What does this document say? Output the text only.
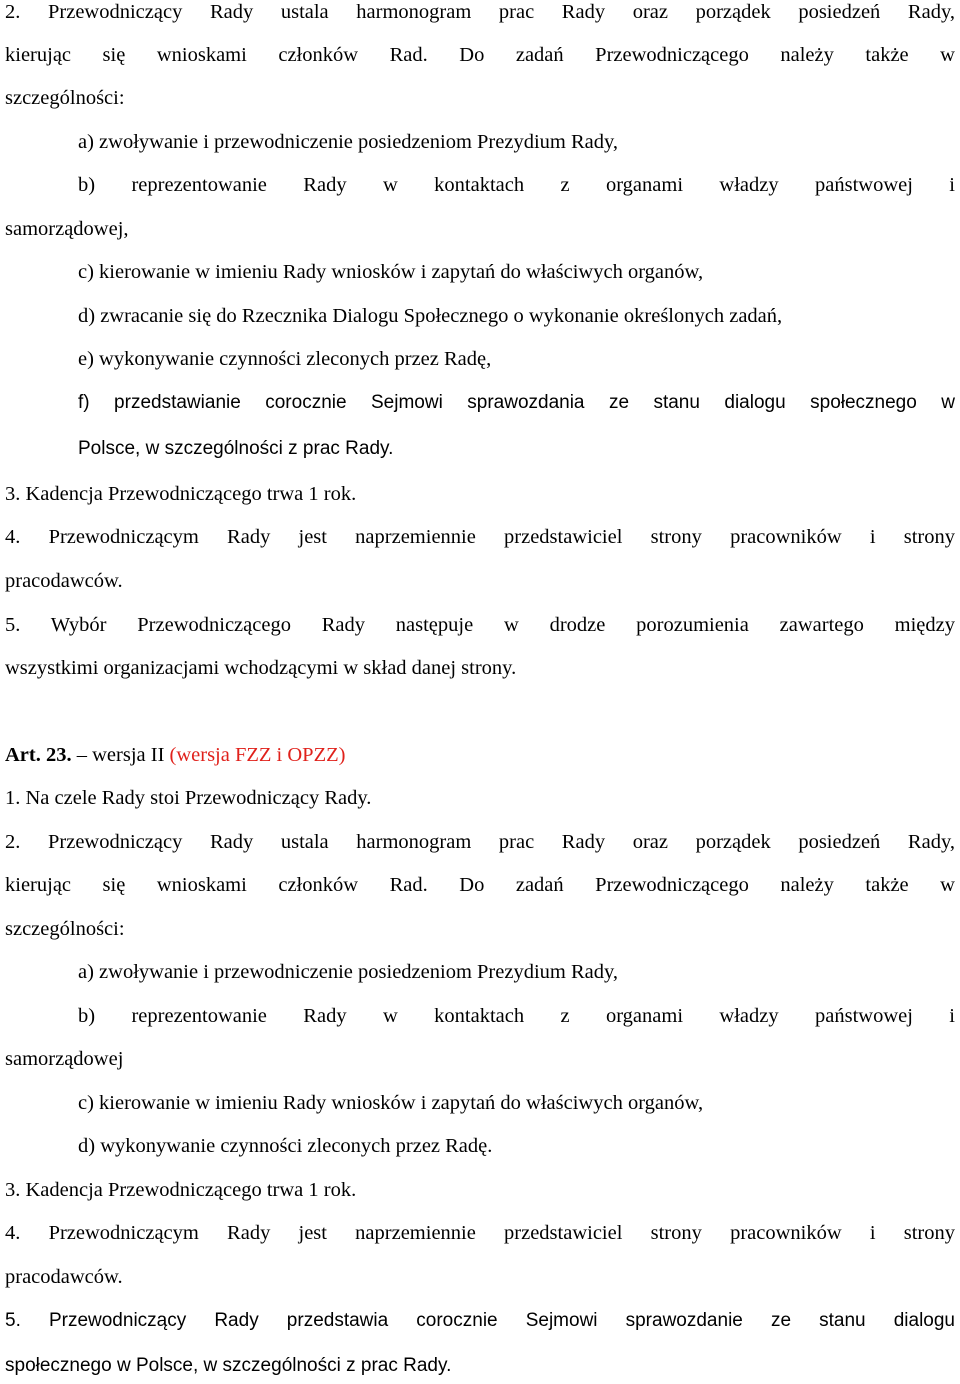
2. Przewodniczący Rady ustala harmonogram prac Rady oraz porządek posiedzeń Rady,
kierując się wnioskami członków Rad. Do zadań Przewodniczącego należy także w
szczególności:
a) zwoływanie i przewodniczenie posiedzeniom Prezydium Rady,
b) reprezentowanie Rady w kontaktach z organami władzy państwowej i
samorządowej,
c) kierowanie w imieniu Rady wniosków i zapytań do właściwych organów,
d) zwracanie się do Rzecznika Dialogu Społecznego o wykonanie określonych zadań,
e) wykonywanie czynności zleconych przez Radę,
f) przedstawianie corocznie Sejmowi sprawozdania ze stanu dialogu społecznego w
Polsce, w szczególności z prac Rady.
3. Kadencja Przewodniczącego trwa 1 rok.
4. Przewodniczącym Rady jest naprzemiennie przedstawiciel strony pracowników i strony
pracodawców.
5. Wybór Przewodniczącego Rady następuje w drodze porozumienia zawartego między
wszystkimi organizacjami wchodzącymi w skład danej strony.
Art. 23. – wersja II (wersja FZZ i OPZZ)
1. Na czele Rady stoi Przewodniczący Rady.
2. Przewodniczący Rady ustala harmonogram prac Rady oraz porządek posiedzeń Rady,
kierując się wnioskami członków Rad. Do zadań Przewodniczącego należy także w
szczególności:
a) zwoływanie i przewodniczenie posiedzeniom Prezydium Rady,
b) reprezentowanie Rady w kontaktach z organami władzy państwowej i
samorządowej
c) kierowanie w imieniu Rady wniosków i zapytań do właściwych organów,
d) wykonywanie czynności zleconych przez Radę.
3. Kadencja Przewodniczącego trwa 1 rok.
4. Przewodniczącym Rady jest naprzemiennie przedstawiciel strony pracowników i strony
pracodawców.
5. Przewodniczący Rady przedstawia corocznie Sejmowi sprawozdanie ze stanu dialogu
społecznego w Polsce, w szczególności z prac Rady.
